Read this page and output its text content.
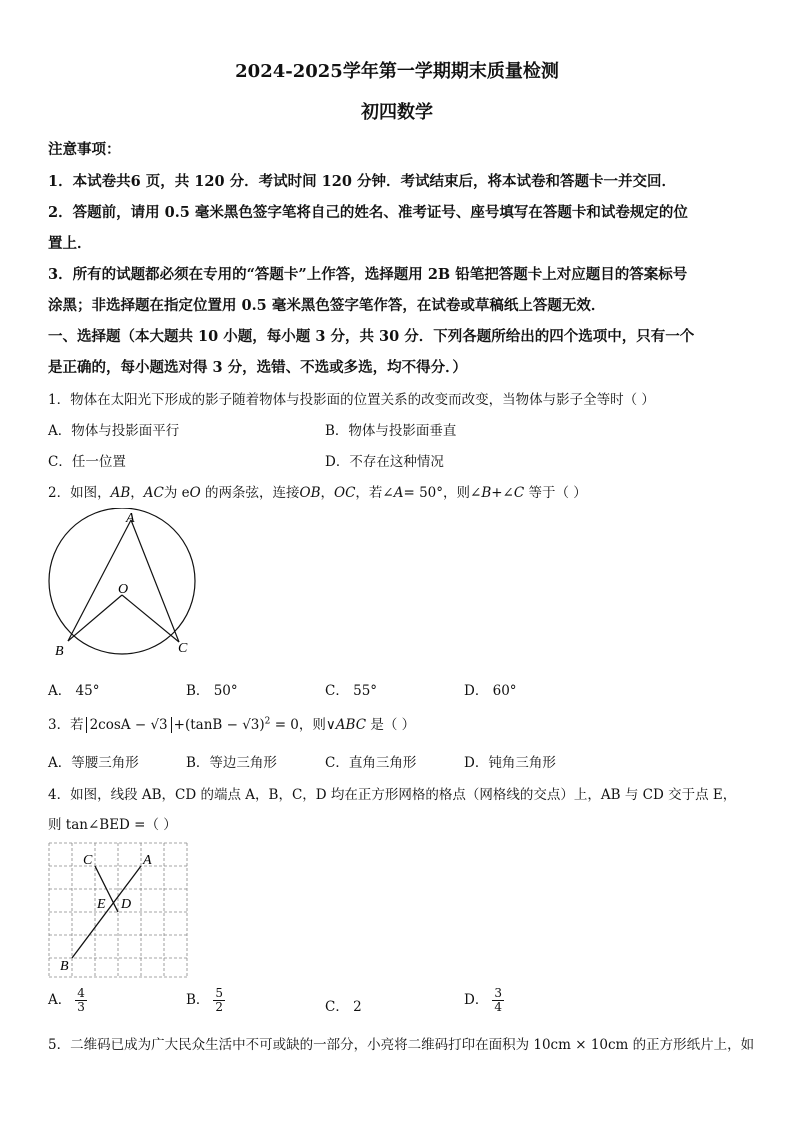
2024-2025学年第一学期期末质量检测
初四数学
注意事项：
1．本试卷共6 页，共 120 分．考试时间 120 分钟．考试结束后，将本试卷和答题卡一并交回．
2．答题前，请用 0.5 毫米黑色签字笔将自己的姓名、准考证号、座号填写在答题卡和试卷规定的位
置上．
3．所有的试题都必须在专用的“答题卡”上作答，选择题用 2B 铅笔把答题卡上对应题目的答案标号
涂黑；非选择题在指定位置用 0.5 毫米黑色签字笔作答，在试卷或草稿纸上答题无效．
一、选择题（本大题共 10 小题，每小题 3 分，共 30 分．下列各题所给出的四个选项中，只有一个
是正确的，每小题选对得 3 分，选错、不选或多选，均不得分．）
1．物体在太阳光下形成的影子随着物体与投影面的位置关系的改变而改变，当物体与影子全等时（ ）
A．物体与投影面平行	B．物体与投影面垂直
C．任一位置	D．不存在这种情况
2．如图，AB，AC为 eO 的两条弦，连接OB，OC，若∠A= 50°，则∠B+∠C 等于（ ）
A
O
B	C
A． 45°	B． 50°	C． 55°	D． 60°
3．若 $2\cos A - √3 +(\tan B - √3)^2 = 0$，则∨ABC 是（ ）
A．等腰三角形	B．等边三角形	C．直角三角形	D．钝角三角形
4．如图，线段 AB，CD 的端点 A，B，C，D 均在正方形网格的格点（网格线的交点）上，AB 与 CD 交于点 E，
则 tan∠BED =（ ）
C	A
E D
B
A． $\frac{4}{3}$	B． $\frac{5}{2}$	C． 2	D． $\frac{3}{4}$
5．二维码已成为广大民众生活中不可或缺的一部分，小亮将二维码打印在面积为 10cm × 10cm 的正方形纸片上，如
